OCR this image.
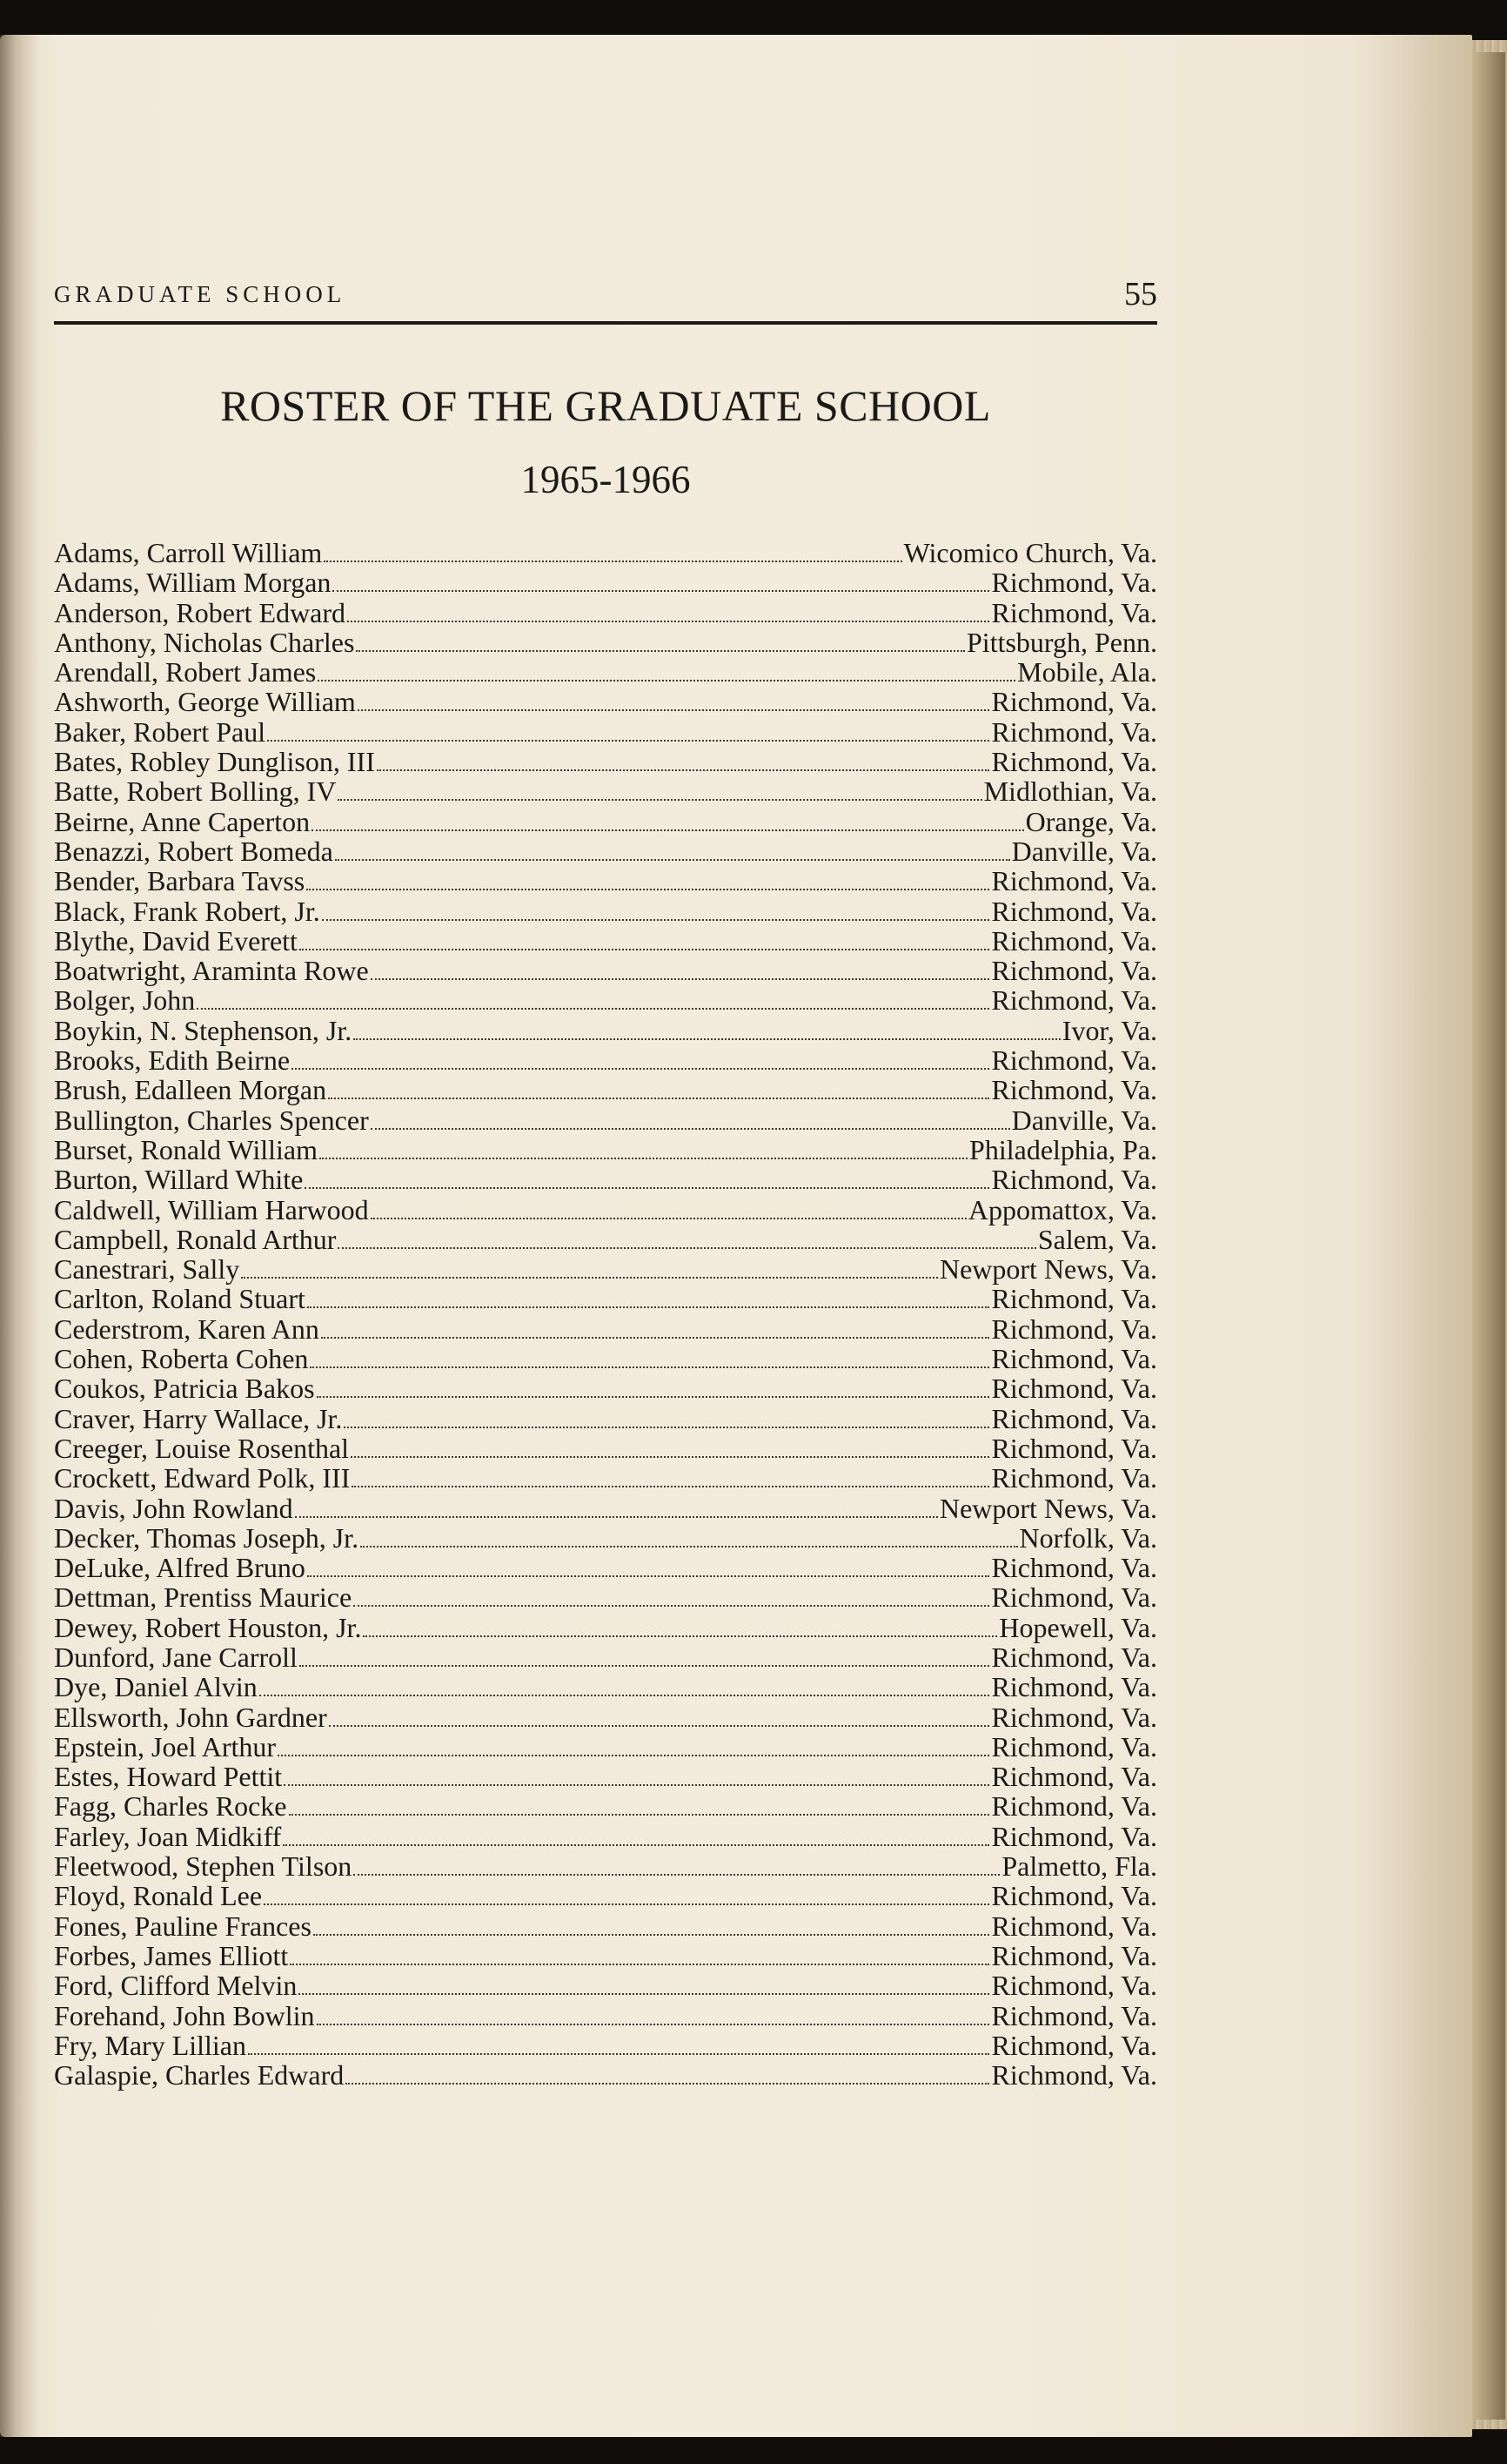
GRADUATE SCHOOL	55
ROSTER OF THE GRADUATE SCHOOL
1965-1966
Adams, Carroll William	Wicomico Church, Va.
Adams, William Morgan	Richmond, Va.
Anderson, Robert Edward	Richmond, Va.
Anthony, Nicholas Charles	Pittsburgh, Penn.
Arendall, Robert James	Mobile, Ala.
Ashworth, George William	Richmond, Va.
Baker, Robert Paul	Richmond, Va.
Bates, Robley Dunglison, III	Richmond, Va.
Batte, Robert Bolling, IV	Midlothian, Va.
Beirne, Anne Caperton	Orange, Va.
Benazzi, Robert Bomeda	Danville, Va.
Bender, Barbara Tavss	Richmond, Va.
Black, Frank Robert, Jr.	Richmond, Va.
Blythe, David Everett	Richmond, Va.
Boatwright, Araminta Rowe	Richmond, Va.
Bolger, John	Richmond, Va.
Boykin, N. Stephenson, Jr.	Ivor, Va.
Brooks, Edith Beirne	Richmond, Va.
Brush, Edalleen Morgan	Richmond, Va.
Bullington, Charles Spencer	Danville, Va.
Burset, Ronald William	Philadelphia, Pa.
Burton, Willard White	Richmond, Va.
Caldwell, William Harwood	Appomattox, Va.
Campbell, Ronald Arthur	Salem, Va.
Canestrari, Sally	Newport News, Va.
Carlton, Roland Stuart	Richmond, Va.
Cederstrom, Karen Ann	Richmond, Va.
Cohen, Roberta Cohen	Richmond, Va.
Coukos, Patricia Bakos	Richmond, Va.
Craver, Harry Wallace, Jr.	Richmond, Va.
Creeger, Louise Rosenthal	Richmond, Va.
Crockett, Edward Polk, III	Richmond, Va.
Davis, John Rowland	Newport News, Va.
Decker, Thomas Joseph, Jr.	Norfolk, Va.
DeLuke, Alfred Bruno	Richmond, Va.
Dettman, Prentiss Maurice	Richmond, Va.
Dewey, Robert Houston, Jr.	Hopewell, Va.
Dunford, Jane Carroll	Richmond, Va.
Dye, Daniel Alvin	Richmond, Va.
Ellsworth, John Gardner	Richmond, Va.
Epstein, Joel Arthur	Richmond, Va.
Estes, Howard Pettit	Richmond, Va.
Fagg, Charles Rocke	Richmond, Va.
Farley, Joan Midkiff	Richmond, Va.
Fleetwood, Stephen Tilson	Palmetto, Fla.
Floyd, Ronald Lee	Richmond, Va.
Fones, Pauline Frances	Richmond, Va.
Forbes, James Elliott	Richmond, Va.
Ford, Clifford Melvin	Richmond, Va.
Forehand, John Bowlin	Richmond, Va.
Fry, Mary Lillian	Richmond, Va.
Galaspie, Charles Edward	Richmond, Va.
